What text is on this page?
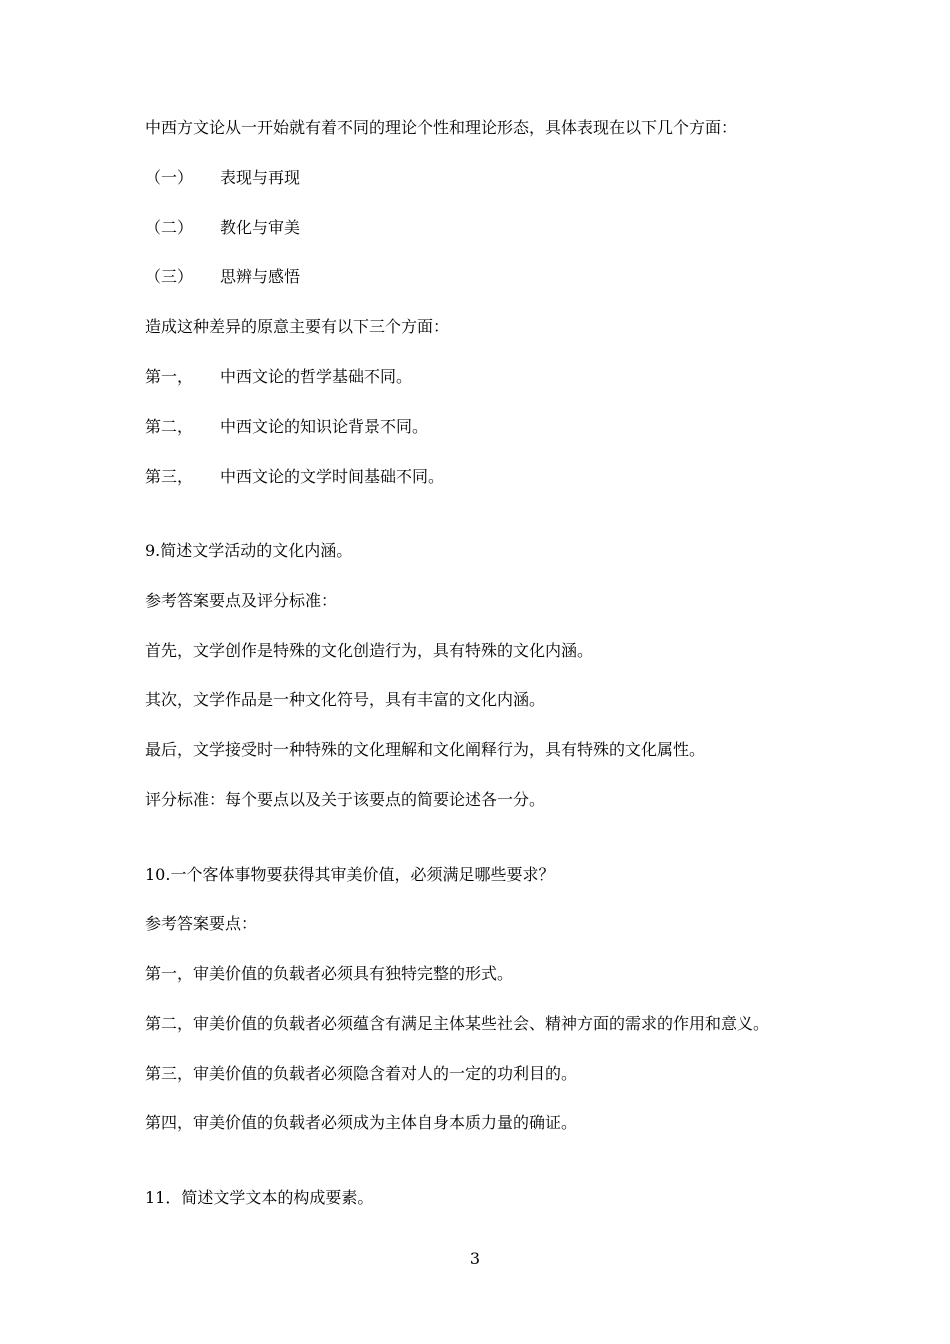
中西方文论从一开始就有着不同的理论个性和理论形态，具体表现在以下几个方面：
（一） 表现与再现
（二） 教化与审美
（三） 思辨与感悟
造成这种差异的原意主要有以下三个方面：
第一， 中西文论的哲学基础不同。
第二， 中西文论的知识论背景不同。
第三， 中西文论的文学时间基础不同。
9.简述文学活动的文化内涵。
参考答案要点及评分标准：
首先，文学创作是特殊的文化创造行为，具有特殊的文化内涵。
其次，文学作品是一种文化符号，具有丰富的文化内涵。
最后，文学接受时一种特殊的文化理解和文化阐释行为，具有特殊的文化属性。
评分标准：每个要点以及关于该要点的简要论述各一分。
10.一个客体事物要获得其审美价值，必须满足哪些要求？
参考答案要点：
第一，审美价值的负载者必须具有独特完整的形式。
第二，审美价值的负载者必须蕴含有满足主体某些社会、精神方面的需求的作用和意义。
第三，审美价值的负载者必须隐含着对人的一定的功利目的。
第四，审美价值的负载者必须成为主体自身本质力量的确证。
11．简述文学文本的构成要素。
3
